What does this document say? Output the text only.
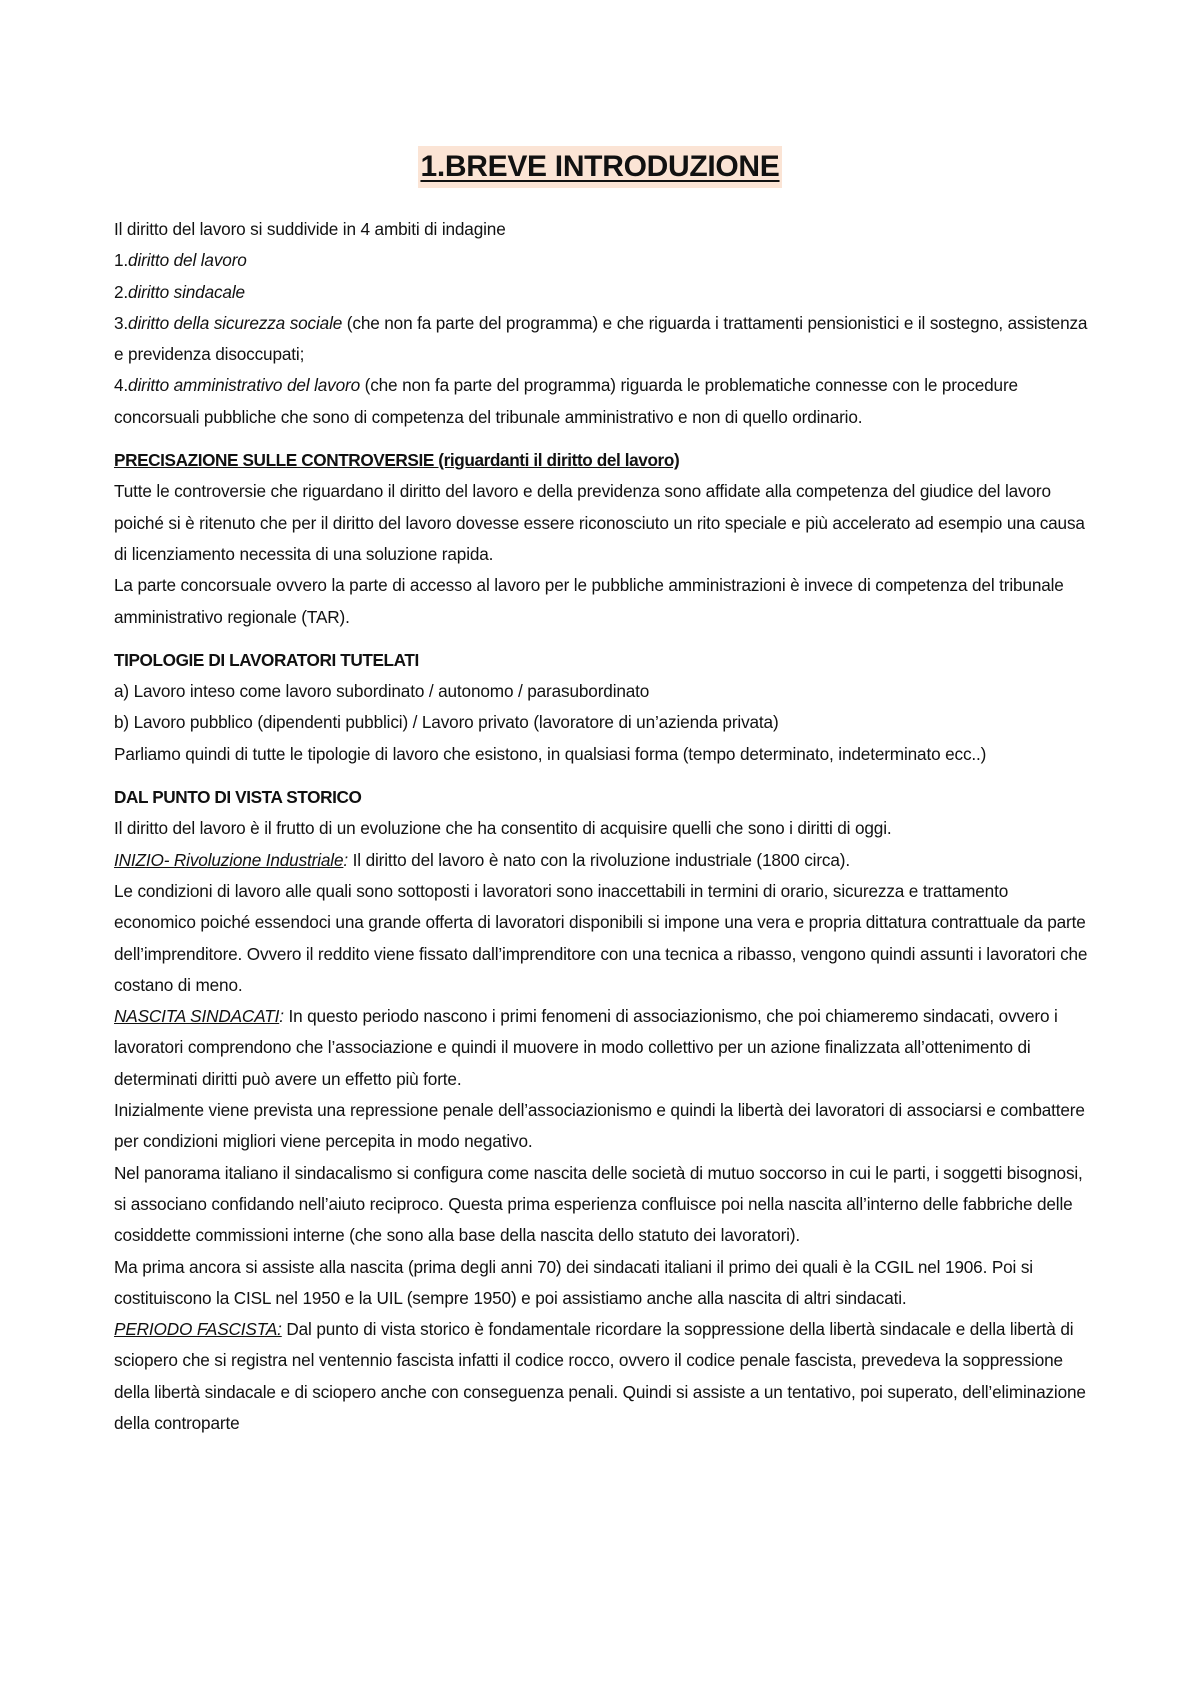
1.BREVE INTRODUZIONE

Il diritto del lavoro si suddivide in 4 ambiti di indagine

1.diritto del lavoro

2.diritto sindacale

3.diritto della sicurezza sociale (che non fa parte del programma) e che riguarda i trattamenti pensionistici e il sostegno, assistenza e previdenza disoccupati;

4.diritto amministrativo del lavoro (che non fa parte del programma) riguarda le problematiche connesse con le procedure concorsuali pubbliche che sono di competenza del tribunale amministrativo e non di quello ordinario.

PRECISAZIONE SULLE CONTROVERSIE (riguardanti il diritto del lavoro)

Tutte le controversie che riguardano il diritto del lavoro e della previdenza sono affidate alla competenza del giudice del lavoro poiché si è ritenuto che per il diritto del lavoro dovesse essere riconosciuto un rito speciale e più accelerato ad esempio una causa di licenziamento necessita di una soluzione rapida.

La parte concorsuale ovvero la parte di accesso al lavoro per le pubbliche amministrazioni è invece di competenza del tribunale amministrativo regionale (TAR).

TIPOLOGIE DI LAVORATORI TUTELATI

a) Lavoro inteso come lavoro subordinato / autonomo / parasubordinato

b) Lavoro pubblico (dipendenti pubblici) / Lavoro privato (lavoratore di un’azienda privata)

Parliamo quindi di tutte le tipologie di lavoro che esistono, in qualsiasi forma (tempo determinato, indeterminato ecc..)

DAL PUNTO DI VISTA STORICO

Il diritto del lavoro è il frutto di un evoluzione che ha consentito di acquisire quelli che sono i diritti di oggi.

INIZIO- Rivoluzione Industriale: Il diritto del lavoro è nato con la rivoluzione industriale (1800 circa).

Le condizioni di lavoro alle quali sono sottoposti i lavoratori sono inaccettabili in termini di orario, sicurezza e trattamento economico poiché essendoci una grande offerta di lavoratori disponibili si impone una vera e propria dittatura contrattuale da parte dell’imprenditore. Ovvero il reddito viene fissato dall’imprenditore con una tecnica a ribasso, vengono quindi assunti i lavoratori che costano di meno.

NASCITA SINDACATI: In questo periodo nascono i primi fenomeni di associazionismo, che poi chiameremo sindacati, ovvero i lavoratori comprendono che l’associazione e quindi il muovere in modo collettivo per un azione finalizzata all’ottenimento di determinati diritti può avere un effetto più forte.

Inizialmente viene prevista una repressione penale dell’associazionismo e quindi la libertà dei lavoratori di associarsi e combattere per condizioni migliori viene percepita in modo negativo.

Nel panorama italiano il sindacalismo si configura come nascita delle società di mutuo soccorso in cui le parti, i soggetti bisognosi, si associano confidando nell’aiuto reciproco. Questa prima esperienza confluisce poi nella nascita all’interno delle fabbriche delle cosiddette commissioni interne (che sono alla base della nascita dello statuto dei lavoratori).

Ma prima ancora si assiste alla nascita (prima degli anni 70) dei sindacati italiani il primo dei quali è la CGIL nel 1906. Poi si costituiscono la CISL nel 1950 e la UIL (sempre 1950) e poi assistiamo anche alla nascita di altri sindacati.

PERIODO FASCISTA: Dal punto di vista storico è fondamentale ricordare la soppressione della libertà sindacale e della libertà di sciopero che si registra nel ventennio fascista infatti il codice rocco, ovvero il codice penale fascista, prevedeva la soppressione della libertà sindacale e di sciopero anche con conseguenza penali. Quindi si assiste a un tentativo, poi superato, dell’eliminazione della controparte
